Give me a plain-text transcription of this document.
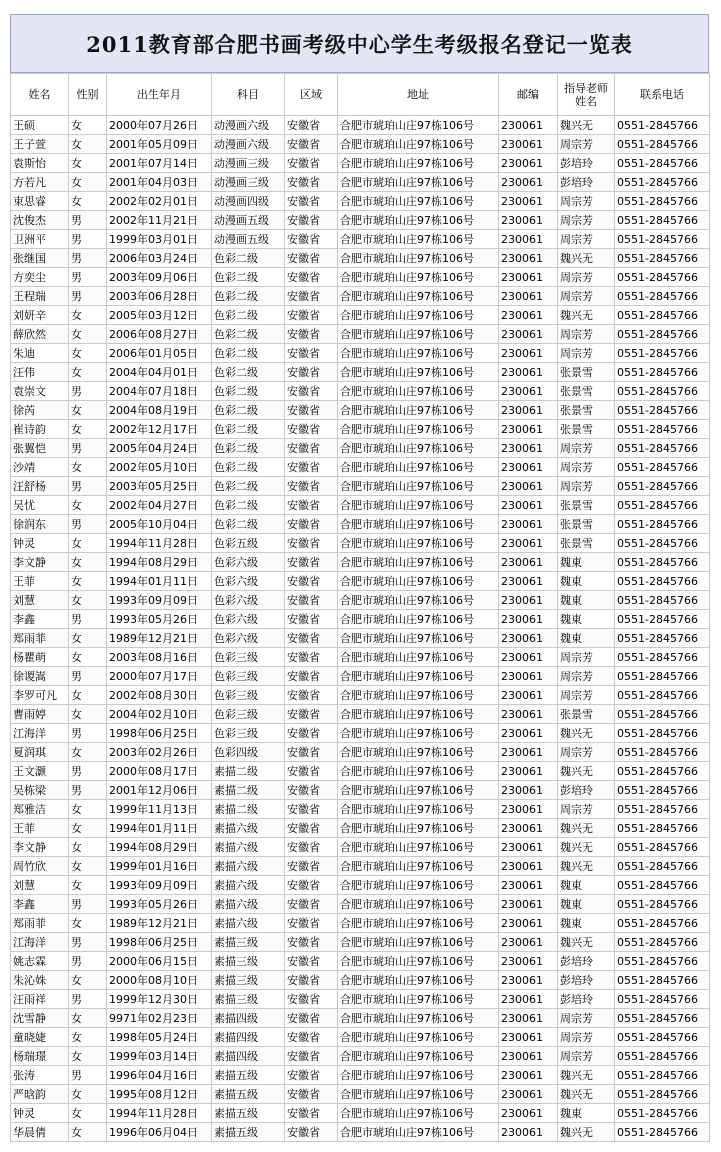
2011教育部合肥书画考级中心学生考级报名登记一览表
姓名	性别	出生年月	科目	区域	地址	邮编	指导老师姓名	联系电话
王硕	女	2000年07月26日	动漫画六级	安徽省	合肥市琥珀山庄97栋106号	230061	魏兴无	0551-2845766
王子萱	女	2001年05月09日	动漫画六级	安徽省	合肥市琥珀山庄97栋106号	230061	周宗芳	0551-2845766
袁斯怡	女	2001年07月14日	动漫画三级	安徽省	合肥市琥珀山庄97栋106号	230061	彭培玲	0551-2845766
方若凡	女	2001年04月03日	动漫画三级	安徽省	合肥市琥珀山庄97栋106号	230061	彭培玲	0551-2845766
束思睿	女	2002年02月01日	动漫画四级	安徽省	合肥市琥珀山庄97栋106号	230061	周宗芳	0551-2845766
沈俊杰	男	2002年11月21日	动漫画五级	安徽省	合肥市琥珀山庄97栋106号	230061	周宗芳	0551-2845766
卫洲平	男	1999年03月01日	动漫画五级	安徽省	合肥市琥珀山庄97栋106号	230061	周宗芳	0551-2845766
张继国	男	2006年03月24日	色彩二级	安徽省	合肥市琥珀山庄97栋106号	230061	魏兴无	0551-2845766
方奕尘	男	2003年09月06日	色彩二级	安徽省	合肥市琥珀山庄97栋106号	230061	周宗芳	0551-2845766
王程瑞	男	2003年06月28日	色彩二级	安徽省	合肥市琥珀山庄97栋106号	230061	周宗芳	0551-2845766
刘妍辛	女	2005年03月12日	色彩二级	安徽省	合肥市琥珀山庄97栋106号	230061	魏兴无	0551-2845766
薛欣然	女	2006年08月27日	色彩二级	安徽省	合肥市琥珀山庄97栋106号	230061	周宗芳	0551-2845766
朱迪	女	2006年01月05日	色彩二级	安徽省	合肥市琥珀山庄97栋106号	230061	周宗芳	0551-2845766
汪伟	女	2004年04月01日	色彩二级	安徽省	合肥市琥珀山庄97栋106号	230061	张景雪	0551-2845766
袁崇文	男	2004年07月18日	色彩二级	安徽省	合肥市琥珀山庄97栋106号	230061	张景雪	0551-2845766
徐芮	女	2004年08月19日	色彩二级	安徽省	合肥市琥珀山庄97栋106号	230061	张景雪	0551-2845766
崔诗韵	女	2002年12月17日	色彩二级	安徽省	合肥市琥珀山庄97栋106号	230061	张景雪	0551-2845766
张翼恺	男	2005年04月24日	色彩二级	安徽省	合肥市琥珀山庄97栋106号	230061	周宗芳	0551-2845766
沙靖	女	2002年05月10日	色彩二级	安徽省	合肥市琥珀山庄97栋106号	230061	周宗芳	0551-2845766
汪舒杨	男	2003年05月25日	色彩二级	安徽省	合肥市琥珀山庄97栋106号	230061	周宗芳	0551-2845766
吴忧	女	2002年04月27日	色彩二级	安徽省	合肥市琥珀山庄97栋106号	230061	张景雪	0551-2845766
徐润东	男	2005年10月04日	色彩二级	安徽省	合肥市琥珀山庄97栋106号	230061	张景雪	0551-2845766
钟灵	女	1994年11月28日	色彩五级	安徽省	合肥市琥珀山庄97栋106号	230061	张景雪	0551-2845766
李文静	女	1994年08月29日	色彩六级	安徽省	合肥市琥珀山庄97栋106号	230061	魏東	0551-2845766
王菲	女	1994年01月11日	色彩六级	安徽省	合肥市琥珀山庄97栋106号	230061	魏東	0551-2845766
刘慧	女	1993年09月09日	色彩六级	安徽省	合肥市琥珀山庄97栋106号	230061	魏東	0551-2845766
李鑫	男	1993年05月26日	色彩六级	安徽省	合肥市琥珀山庄97栋106号	230061	魏東	0551-2845766
郑雨菲	女	1989年12月21日	色彩六级	安徽省	合肥市琥珀山庄97栋106号	230061	魏東	0551-2845766
杨瞿萌	女	2003年08月16日	色彩三级	安徽省	合肥市琥珀山庄97栋106号	230061	周宗芳	0551-2845766
徐谡嵩	男	2000年07月17日	色彩三级	安徽省	合肥市琥珀山庄97栋106号	230061	周宗芳	0551-2845766
李罗可凡	女	2002年08月30日	色彩三级	安徽省	合肥市琥珀山庄97栋106号	230061	周宗芳	0551-2845766
曹雨婷	女	2004年02月10日	色彩三级	安徽省	合肥市琥珀山庄97栋106号	230061	张景雪	0551-2845766
江海洋	男	1998年06月25日	色彩三级	安徽省	合肥市琥珀山庄97栋106号	230061	魏兴无	0551-2845766
夏润琪	女	2003年02月26日	色彩四级	安徽省	合肥市琥珀山庄97栋106号	230061	周宗芳	0551-2845766
王文灏	男	2000年08月17日	素描二级	安徽省	合肥市琥珀山庄97栋106号	230061	魏兴无	0551-2845766
吴栋梁	男	2001年12月06日	素描二级	安徽省	合肥市琥珀山庄97栋106号	230061	彭培玲	0551-2845766
郑雅洁	女	1999年11月13日	素描二级	安徽省	合肥市琥珀山庄97栋106号	230061	周宗芳	0551-2845766
王菲	女	1994年01月11日	素描六级	安徽省	合肥市琥珀山庄97栋106号	230061	魏兴无	0551-2845766
李文静	女	1994年08月29日	素描六级	安徽省	合肥市琥珀山庄97栋106号	230061	魏兴无	0551-2845766
周竹欣	女	1999年01月16日	素描六级	安徽省	合肥市琥珀山庄97栋106号	230061	魏兴无	0551-2845766
刘慧	女	1993年09月09日	素描六级	安徽省	合肥市琥珀山庄97栋106号	230061	魏東	0551-2845766
李鑫	男	1993年05月26日	素描六级	安徽省	合肥市琥珀山庄97栋106号	230061	魏東	0551-2845766
郑雨菲	女	1989年12月21日	素描六级	安徽省	合肥市琥珀山庄97栋106号	230061	魏東	0551-2845766
江海洋	男	1998年06月25日	素描三级	安徽省	合肥市琥珀山庄97栋106号	230061	魏兴无	0551-2845766
姚志霖	男	2000年06月15日	素描三级	安徽省	合肥市琥珀山庄97栋106号	230061	彭培玲	0551-2845766
朱沁姝	女	2000年08月10日	素描三级	安徽省	合肥市琥珀山庄97栋106号	230061	彭培玲	0551-2845766
汪雨祥	男	1999年12月30日	素描三级	安徽省	合肥市琥珀山庄97栋106号	230061	彭培玲	0551-2845766
沈雪静	女	9971年02月23日	素描四级	安徽省	合肥市琥珀山庄97栋106号	230061	周宗芳	0551-2845766
童晓婕	女	1998年05月24日	素描四级	安徽省	合肥市琥珀山庄97栋106号	230061	周宗芳	0551-2845766
杨瑞璟	女	1999年03月14日	素描四级	安徽省	合肥市琥珀山庄97栋106号	230061	周宗芳	0551-2845766
张涛	男	1996年04月16日	素描五级	安徽省	合肥市琥珀山庄97栋106号	230061	魏兴无	0551-2845766
严晗韵	女	1995年08月12日	素描五级	安徽省	合肥市琥珀山庄97栋106号	230061	魏兴无	0551-2845766
钟灵	女	1994年11月28日	素描五级	安徽省	合肥市琥珀山庄97栋106号	230061	魏東	0551-2845766
华晨倩	女	1996年06月04日	素描五级	安徽省	合肥市琥珀山庄97栋106号	230061	魏兴无	0551-2845766
